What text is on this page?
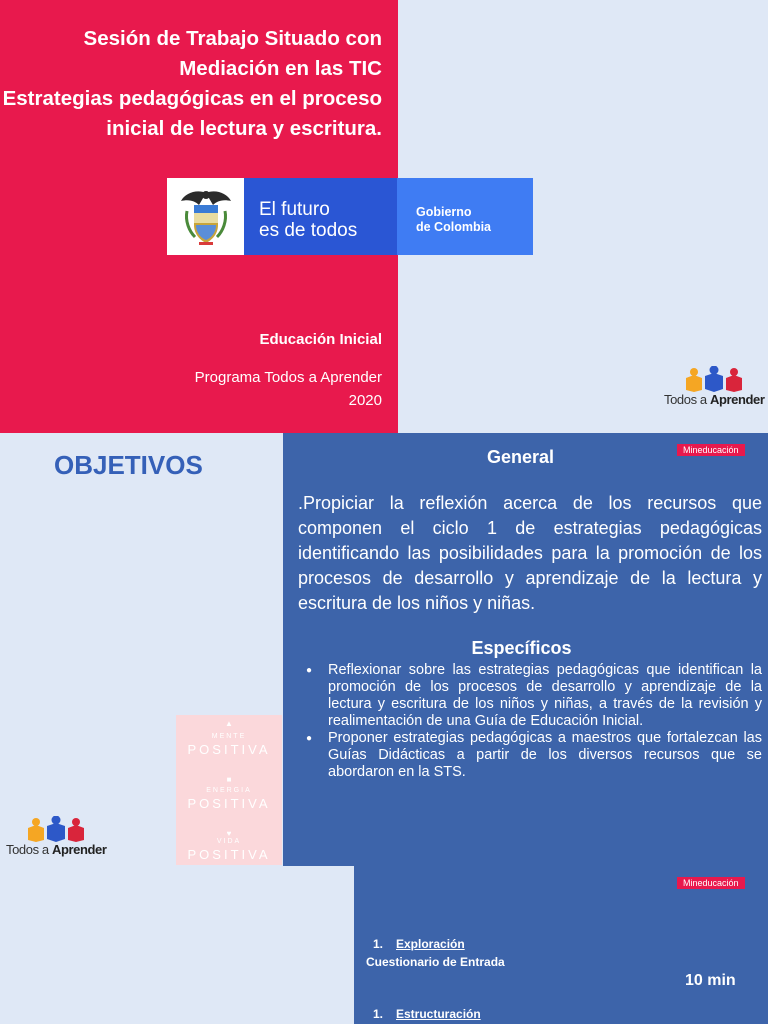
Sesión de Trabajo Situado con
Mediación en las TIC
Estrategias pedagógicas en el proceso
inicial de lectura y escritura.
Educación Inicial
Programa Todos a Aprender
2020
El futuro
es de todos
Gobierno
de Colombia
Todos a Aprender
OBJETIVOS
▲
MENTE
POSITIVA
■
ENERGIA
POSITIVA
♥
VIDA
POSITIVA
Todos a Aprender
Mineducación
General
.Propiciar la reflexión acerca de los recursos que componen el ciclo 1 de estrategias pedagógicas identificando las posibilidades para la promoción de los procesos de desarrollo y aprendizaje de la lectura y escritura de los niños y niñas.
Específicos
● Reflexionar sobre las estrategias pedagógicas que identifican la promoción de los procesos de desarrollo y aprendizaje de la lectura y escritura de los niños y niñas, a través de la revisión y realimentación de una Guía de Educación Inicial.
● Proponer estrategias pedagógicas a maestros que fortalezcan las Guías Didácticas a partir de los diversos recursos que se abordaron en la STS.
Mineducación
1. Exploración
Cuestionario de Entrada
10 min
1. Estructuración
